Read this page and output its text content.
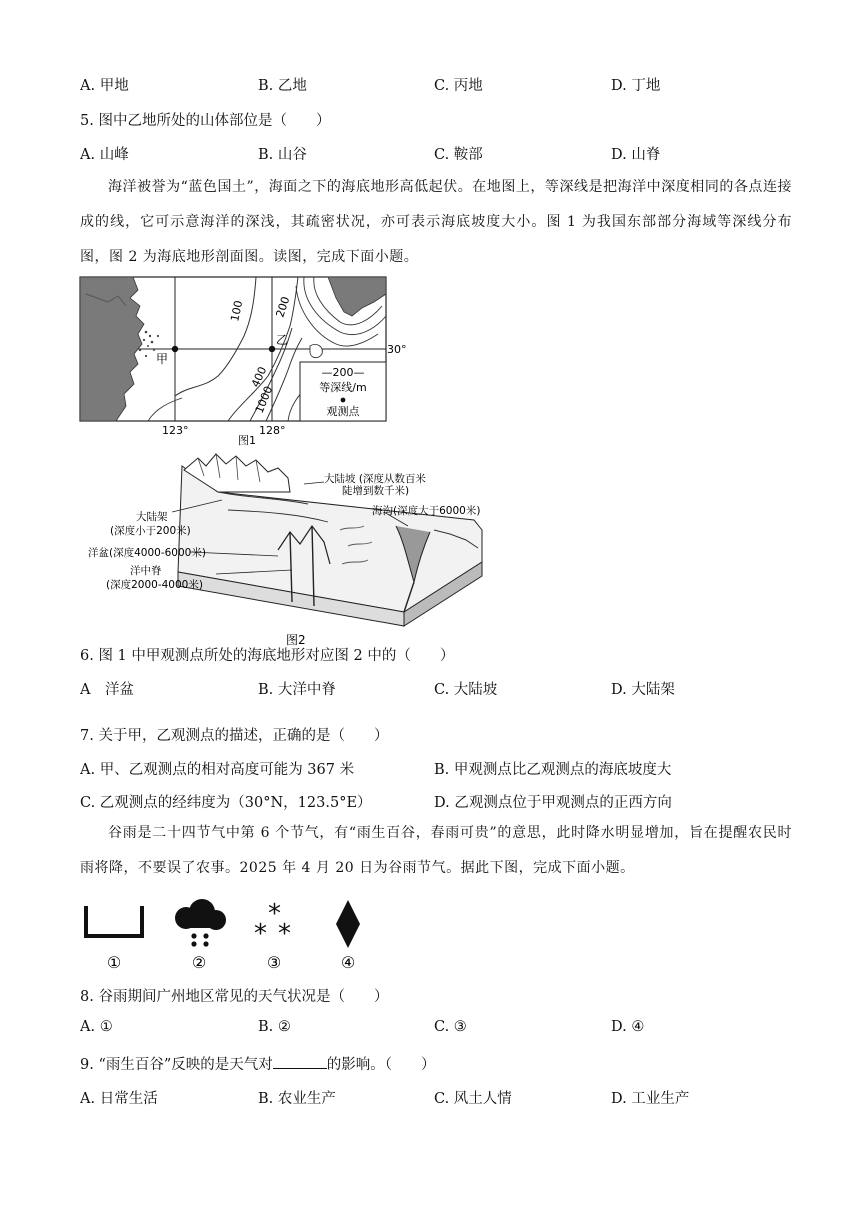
A. 甲地	B. 乙地	C. 丙地	D. 丁地
5. 图中乙地所处的山体部位是（　　）
A. 山峰	B. 山谷	C. 鞍部	D. 山脊
海洋被誉为“蓝色国土”，海面之下的海底地形高低起伏。在地图上，等深线是把海洋中深度相同的各点连接成的线，它可示意海洋的深浅，其疏密状况，亦可表示海底坡度大小。图 1 为我国东部部分海域等深线分布图，图 2 为海底地形剖面图。读图，完成下面小题。
100	200
400
1000
甲
乙
—200—
等深线/m
观测点
30°
123°	128°
图1
大陆坡 (深度从数百米
陡增到数千米)
海沟(深度大于6000米)
大陆架
(深度小于200米)
洋盆(深度4000-6000米)
洋中脊
(深度2000-4000米)
图2
6. 图 1 中甲观测点所处的海底地形对应图 2 中的（　　）
A　洋盆	B. 大洋中脊	C. 大陆坡	D. 大陆架
7. 关于甲，乙观测点的描述，正确的是（　　）
A. 甲、乙观测点的相对高度可能为 367 米	B. 甲观测点比乙观测点的海底坡度大
C. 乙观测点的经纬度为（30°N，123.5°E）	D. 乙观测点位于甲观测点的正西方向
谷雨是二十四节气中第 6 个节气，有“雨生百谷，春雨可贵”的意思，此时降水明显增加，旨在提醒农民时雨将降，不要误了农事。2025 年 4 月 20 日为谷雨节气。据此下图，完成下面小题。
*
* *
①	②	③	④
8. 谷雨期间广州地区常见的天气状况是（　　）
A. ①	B. ②	C. ③	D. ④
9. “雨生百谷”反映的是天气对	的影响。（　　）
A. 日常生活	B. 农业生产	C. 风土人情	D. 工业生产
